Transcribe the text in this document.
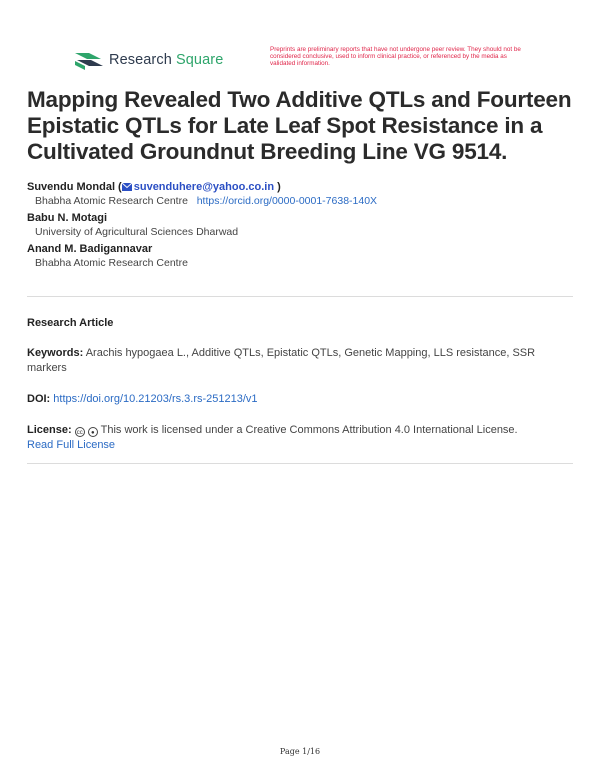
Research Square
Preprints are preliminary reports that have not undergone peer review. They should not be considered conclusive, used to inform clinical practice, or referenced by the media as validated information.
Mapping Revealed Two Additive QTLs and Fourteen Epistatic QTLs for Late Leaf Spot Resistance in a Cultivated Groundnut Breeding Line VG 9514.
Suvendu Mondal ( suvenduhere@yahoo.co.in )
Bhabha Atomic Research Centre https://orcid.org/0000-0001-7638-140X
Babu N. Motagi
University of Agricultural Sciences Dharwad
Anand M. Badigannavar
Bhabha Atomic Research Centre
Research Article
Keywords: Arachis hypogaea L., Additive QTLs, Epistatic QTLs, Genetic Mapping, LLS resistance, SSR markers
DOI: https://doi.org/10.21203/rs.3.rs-251213/v1
License: cc ● This work is licensed under a Creative Commons Attribution 4.0 International License.
Read Full License
Page 1/16
